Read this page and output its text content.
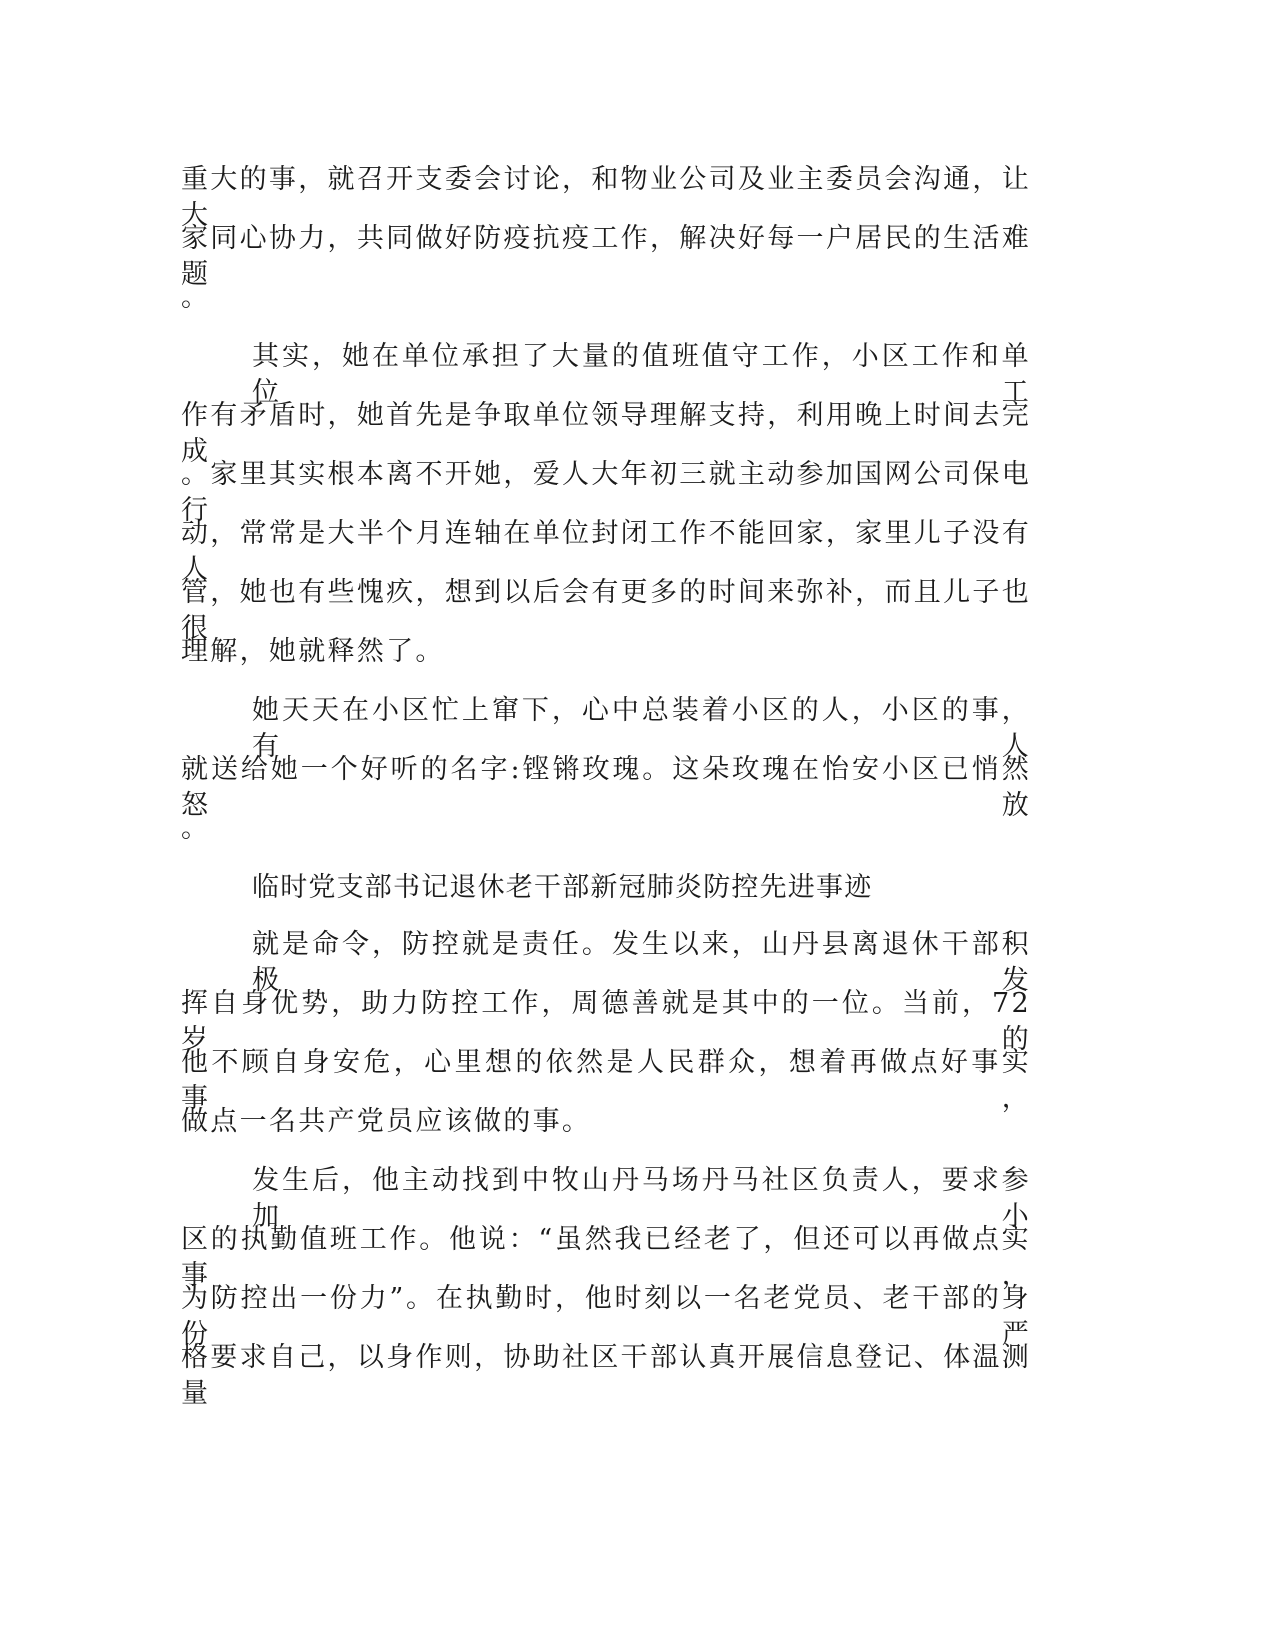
重大的事，就召开支委会讨论，和物业公司及业主委员会沟通，让大
家同心协力，共同做好防疫抗疫工作，解决好每一户居民的生活难题
。
其实，她在单位承担了大量的值班值守工作，小区工作和单位工
作有矛盾时，她首先是争取单位领导理解支持，利用晚上时间去完成
。家里其实根本离不开她，爱人大年初三就主动参加国网公司保电行
动，常常是大半个月连轴在单位封闭工作不能回家，家里儿子没有人
管，她也有些愧疚，想到以后会有更多的时间来弥补，而且儿子也很
理解，她就释然了。
她天天在小区忙上窜下，心中总装着小区的人，小区的事，有人
就送给她一个好听的名字:铿锵玫瑰。这朵玫瑰在怡安小区已悄然怒放
。
临时党支部书记退休老干部新冠肺炎防控先进事迹
就是命令，防控就是责任。发生以来，山丹县离退休干部积极发
挥自身优势，助力防控工作，周德善就是其中的一位。当前，72 岁的
他不顾自身安危，心里想的依然是人民群众，想着再做点好事实事，
做点一名共产党员应该做的事。
发生后，他主动找到中牧山丹马场丹马社区负责人，要求参加小
区的执勤值班工作。他说：“虽然我已经老了，但还可以再做点实事，
为防控出一份力”。在执勤时，他时刻以一名老党员、老干部的身份严
格要求自己，以身作则，协助社区干部认真开展信息登记、体温测量
